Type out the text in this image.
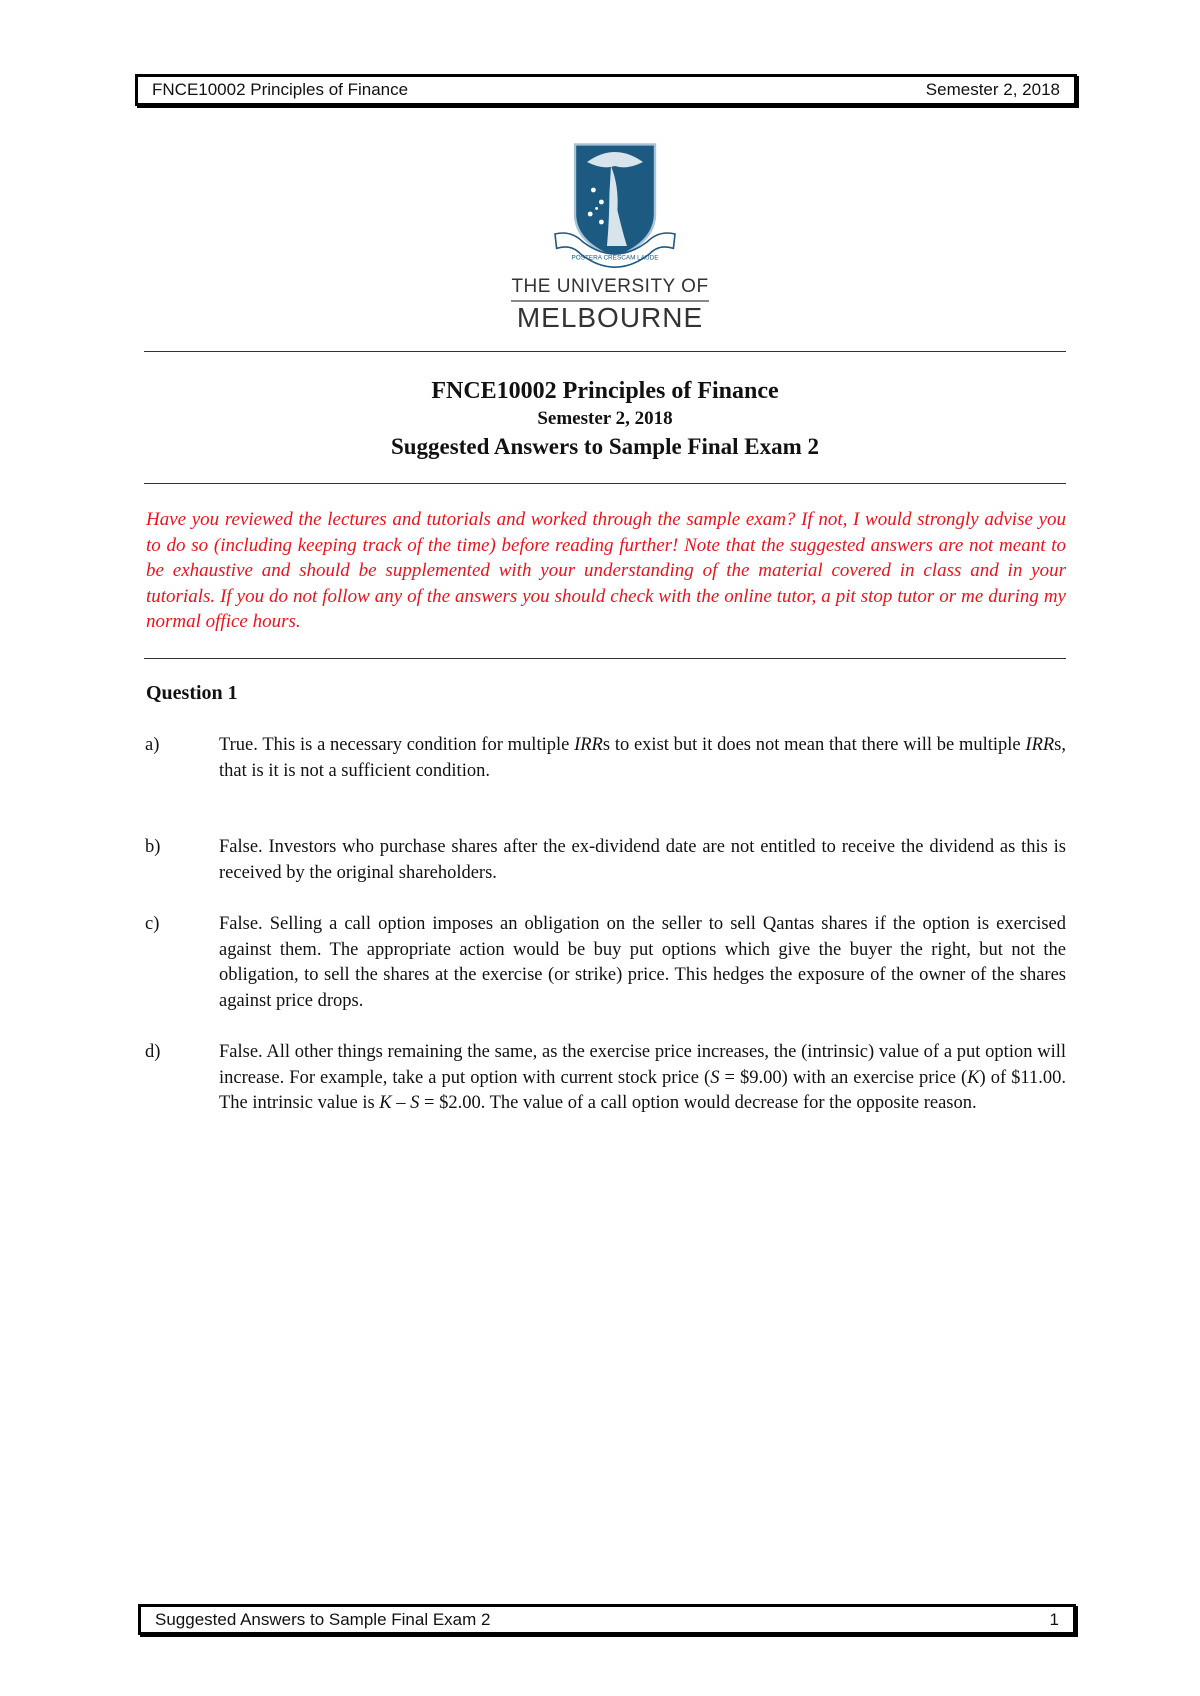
FNCE10002 Principles of Finance	Semester 2, 2018
POSTERA CRESCAM LAUDE
THE UNIVERSITY OF
MELBOURNE
FNCE10002 Principles of Finance
Semester 2, 2018
Suggested Answers to Sample Final Exam 2
Have you reviewed the lectures and tutorials and worked through the sample exam? If not, I would strongly advise you to do so (including keeping track of the time) before reading further! Note that the suggested answers are not meant to be exhaustive and should be supplemented with your understanding of the material covered in class and in your tutorials. If you do not follow any of the answers you should check with the online tutor, a pit stop tutor or me during my normal office hours.
Question 1
a)	True. This is a necessary condition for multiple IRRs to exist but it does not mean that there will be multiple IRRs, that is it is not a sufficient condition.
b)	False. Investors who purchase shares after the ex-dividend date are not entitled to receive the dividend as this is received by the original shareholders.
c)	False. Selling a call option imposes an obligation on the seller to sell Qantas shares if the option is exercised against them. The appropriate action would be buy put options which give the buyer the right, but not the obligation, to sell the shares at the exercise (or strike) price. This hedges the exposure of the owner of the shares against price drops.
d)	False. All other things remaining the same, as the exercise price increases, the (intrinsic) value of a put option will increase. For example, take a put option with current stock price (S = $9.00) with an exercise price (K) of $11.00. The intrinsic value is K – S = $2.00. The value of a call option would decrease for the opposite reason.
Suggested Answers to Sample Final Exam 2	1
